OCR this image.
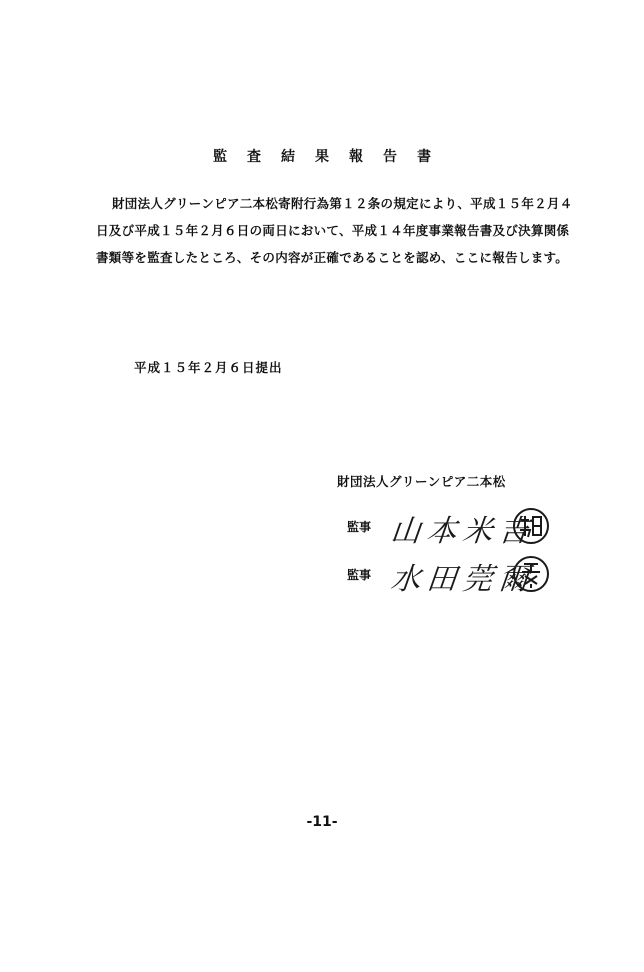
監査結果報告書
財団法人グリーンピア二本松寄附行為第１２条の規定により、平成１５年２月４日及び平成１５年２月６日の両日において、平成１４年度事業報告書及び決算関係書類等を監査したところ、その内容が正確であることを認め、ここに報告します。
平成１５年２月６日提出
財団法人グリーンピア二本松
監事 山本米吉
監事 水田莞爾
-11-
